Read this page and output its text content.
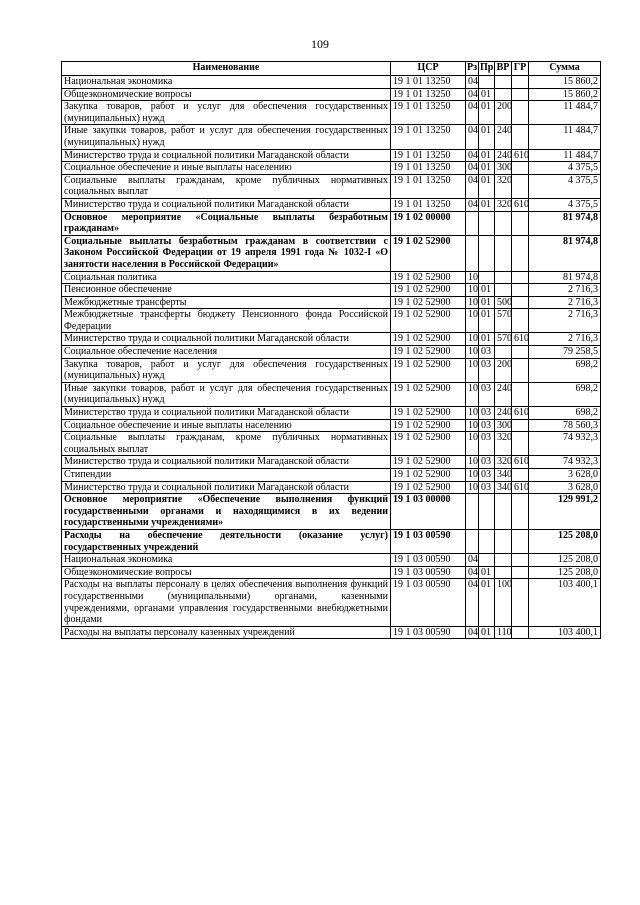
109
Наименование	ЦСР	Рз	Пр	ВР	ГР	Сумма
Национальная экономика	19 1 01 13250	04				15 860,2
Общеэкономические вопросы	19 1 01 13250	04	01			15 860,2
Закупка товаров, работ и услуг для обеспечения государственных (муниципальных) нужд	19 1 01 13250	04	01	200		11 484,7
Иные закупки товаров, работ и услуг для обеспечения государственных (муниципальных) нужд	19 1 01 13250	04	01	240		11 484,7
Министерство труда и социальной политики Магаданской области	19 1 01 13250	04	01	240	610	11 484,7
Социальное обеспечение и иные выплаты населению	19 1 01 13250	04	01	300		4 375,5
Социальные выплаты гражданам, кроме публичных нормативных социальных выплат	19 1 01 13250	04	01	320		4 375,5
Министерство труда и социальной политики Магаданской области	19 1 01 13250	04	01	320	610	4 375,5
Основное мероприятие «Социальные выплаты безработным гражданам»	19 1 02 00000					81 974,8
Социальные выплаты безработным гражданам в соответствии с Законом Российской Федерации от 19 апреля 1991 года № 1032-I «О занятости населения в Российской Федерации»	19 1 02 52900					81 974,8
Социальная политика	19 1 02 52900	10				81 974,8
Пенсионное обеспечение	19 1 02 52900	10	01			2 716,3
Межбюджетные трансферты	19 1 02 52900	10	01	500		2 716,3
Межбюджетные трансферты бюджету Пенсионного фонда Российской Федерации	19 1 02 52900	10	01	570		2 716,3
Министерство труда и социальной политики Магаданской области	19 1 02 52900	10	01	570	610	2 716,3
Социальное обеспечение населения	19 1 02 52900	10	03			79 258,5
Закупка товаров, работ и услуг для обеспечения государственных (муниципальных) нужд	19 1 02 52900	10	03	200		698,2
Иные закупки товаров, работ и услуг для обеспечения государственных (муниципальных) нужд	19 1 02 52900	10	03	240		698,2
Министерство труда и социальной политики Магаданской области	19 1 02 52900	10	03	240	610	698,2
Социальное обеспечение и иные выплаты населению	19 1 02 52900	10	03	300		78 560,3
Социальные выплаты гражданам, кроме публичных нормативных социальных выплат	19 1 02 52900	10	03	320		74 932,3
Министерство труда и социальной политики Магаданской области	19 1 02 52900	10	03	320	610	74 932,3
Стипендии	19 1 02 52900	10	03	340		3 628,0
Министерство труда и социальной политики Магаданской области	19 1 02 52900	10	03	340	610	3 628,0
Основное мероприятие «Обеспечение выполнения функций государственными органами и находящимися в их ведении государственными учреждениями»	19 1 03 00000					129 991,2
Расходы на обеспечение деятельности (оказание услуг) государственных учреждений	19 1 03 00590					125 208,0
Национальная экономика	19 1 03 00590	04				125 208,0
Общеэкономические вопросы	19 1 03 00590	04	01			125 208,0
Расходы на выплаты персоналу в целях обеспечения выполнения функций государственными (муниципальными) органами, казенными учреждениями, органами управления государственными внебюджетными фондами	19 1 03 00590	04	01	100		103 400,1
Расходы на выплаты персоналу казенных учреждений	19 1 03 00590	04	01	110		103 400,1
